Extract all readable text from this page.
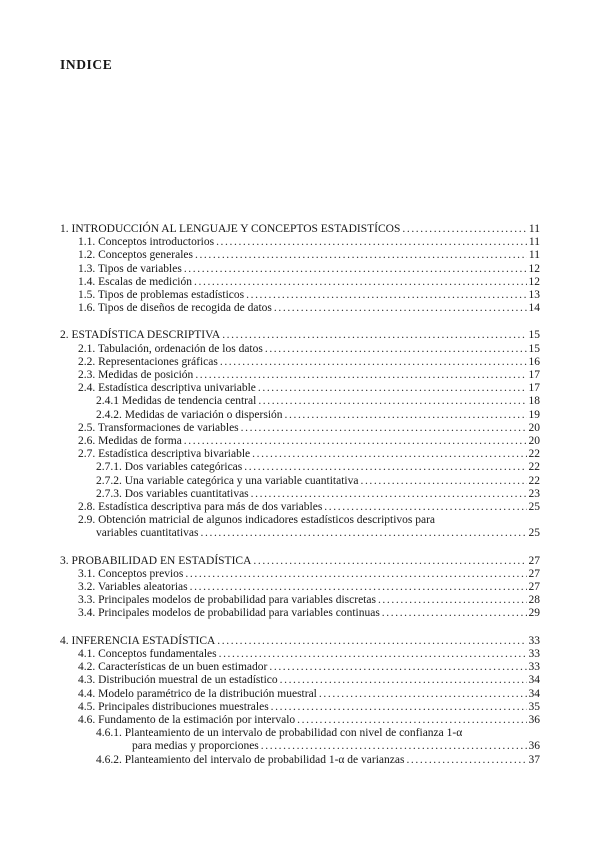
INDICE
1. INTRODUCCIÓN AL LENGUAJE Y CONCEPTOS ESTADISTÍCOS .....	11
1.1. Conceptos introductorios .....	11
1.2. Conceptos generales .....	11
1.3. Tipos de variables .....	12
1.4. Escalas de medición .....	12
1.5. Tipos de problemas estadísticos .....	13
1.6. Tipos de diseños de recogida de datos .....	14
2. ESTADÍSTICA DESCRIPTIVA .....	15
2.1. Tabulación, ordenación de los datos .....	15
2.2. Representaciones gráficas .....	16
2.3. Medidas de posición .....	17
2.4. Estadística descriptiva univariable .....	17
2.4.1 Medidas de tendencia central .....	18
2.4.2. Medidas de variación o dispersión .....	19
2.5. Transformaciones de variables .....	20
2.6. Medidas de forma .....	20
2.7. Estadística descriptiva bivariable .....	22
2.7.1. Dos variables categóricas .....	22
2.7.2. Una variable categórica y una variable cuantitativa .....	22
2.7.3. Dos variables cuantitativas .....	23
2.8. Estadística descriptiva para más de dos variables .....	25
2.9. Obtención matricial de algunos indicadores estadísticos descriptivos para
variables cuantitativas .....	25
3. PROBABILIDAD EN ESTADÍSTICA .....	27
3.1. Conceptos previos .....	27
3.2. Variables aleatorias .....	27
3.3. Principales modelos de probabilidad para variables discretas .....	28
3.4. Principales modelos de probabilidad para variables continuas .....	29
4. INFERENCIA ESTADÍSTICA .....	33
4.1. Conceptos fundamentales .....	33
4.2. Características de un buen estimador .....	33
4.3. Distribución muestral de un estadístico .....	34
4.4. Modelo paramétrico de la distribución muestral .....	34
4.5. Principales distribuciones muestrales .....	35
4.6. Fundamento de la estimación por intervalo .....	36
4.6.1. Planteamiento de un intervalo de probabilidad con nivel de confianza 1-α
para medias y proporciones .....	36
4.6.2. Planteamiento del intervalo de probabilidad 1-α de varianzas .....	37
